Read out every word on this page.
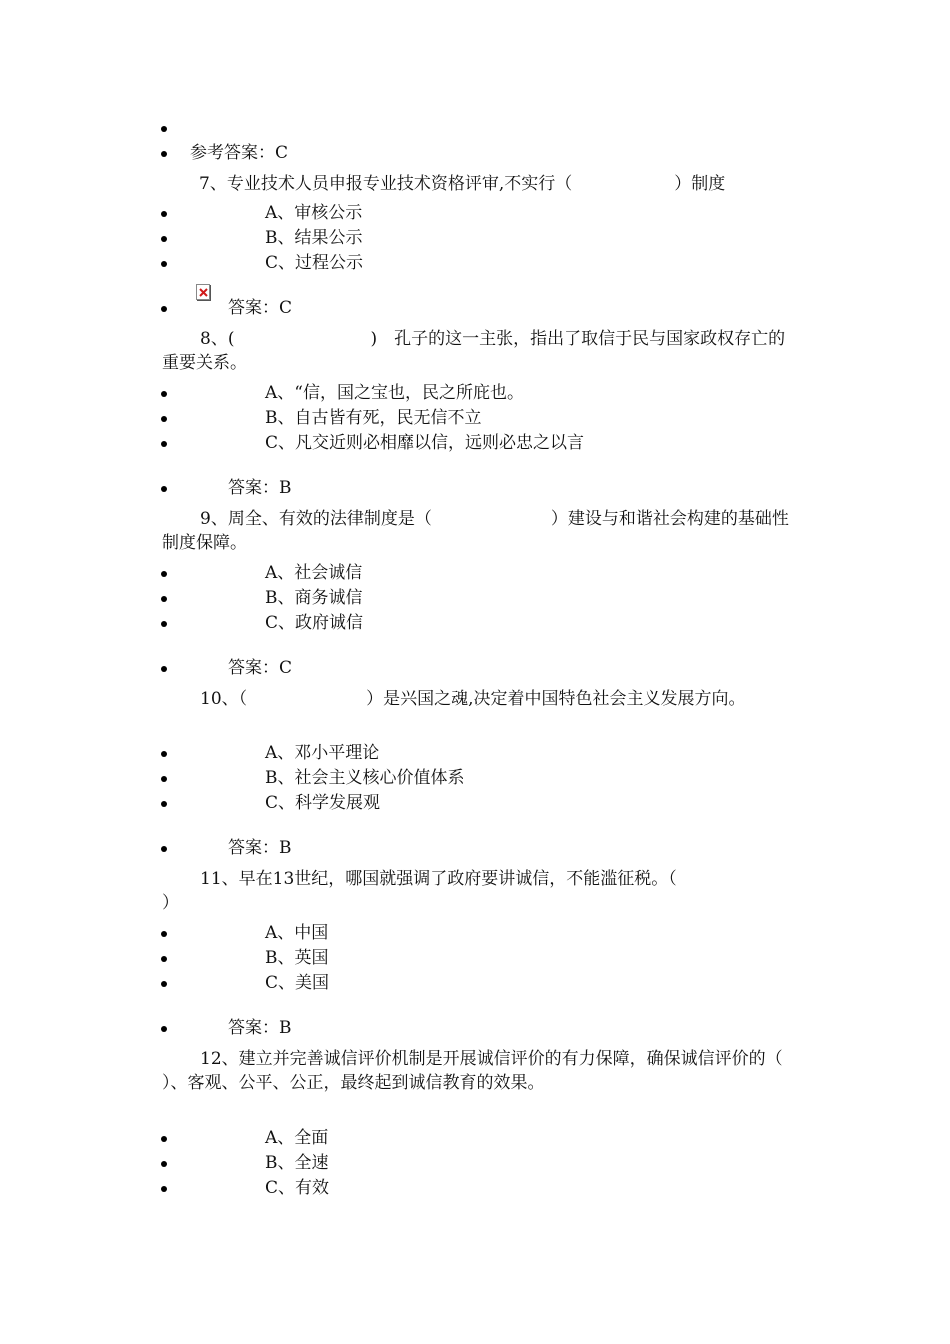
参考答案：C
7、专业技术人员申报专业技术资格评审,不实行（　　　　　　）制度
A、审核公示
B、结果公示
C、过程公示
答案：C
8、(　　　　　　　　)　孔子的这一主张，指出了取信于民与国家政权存亡的重要关系。
A、“信，国之宝也，民之所庇也。
B、自古皆有死，民无信不立
C、凡交近则必相靡以信，远则必忠之以言
答案：B
9、周全、有效的法律制度是（　　　　　　　）建设与和谐社会构建的基础性制度保障。
A、社会诚信
B、商务诚信
C、政府诚信
答案：C
10、（　　　　　　　）是兴国之魂,决定着中国特色社会主义发展方向。
A、邓小平理论
B、社会主义核心价值体系
C、科学发展观
答案：B
11、早在13世纪，哪国就强调了政府要讲诚信，不能滥征税。（　　　　　　　）
A、中国
B、英国
C、美国
答案：B
12、建立并完善诚信评价机制是开展诚信评价的有力保障，确保诚信评价的（　　　　　　　　　）、客观、公平、公正，最终起到诚信教育的效果。
A、全面
B、全速
C、有效
